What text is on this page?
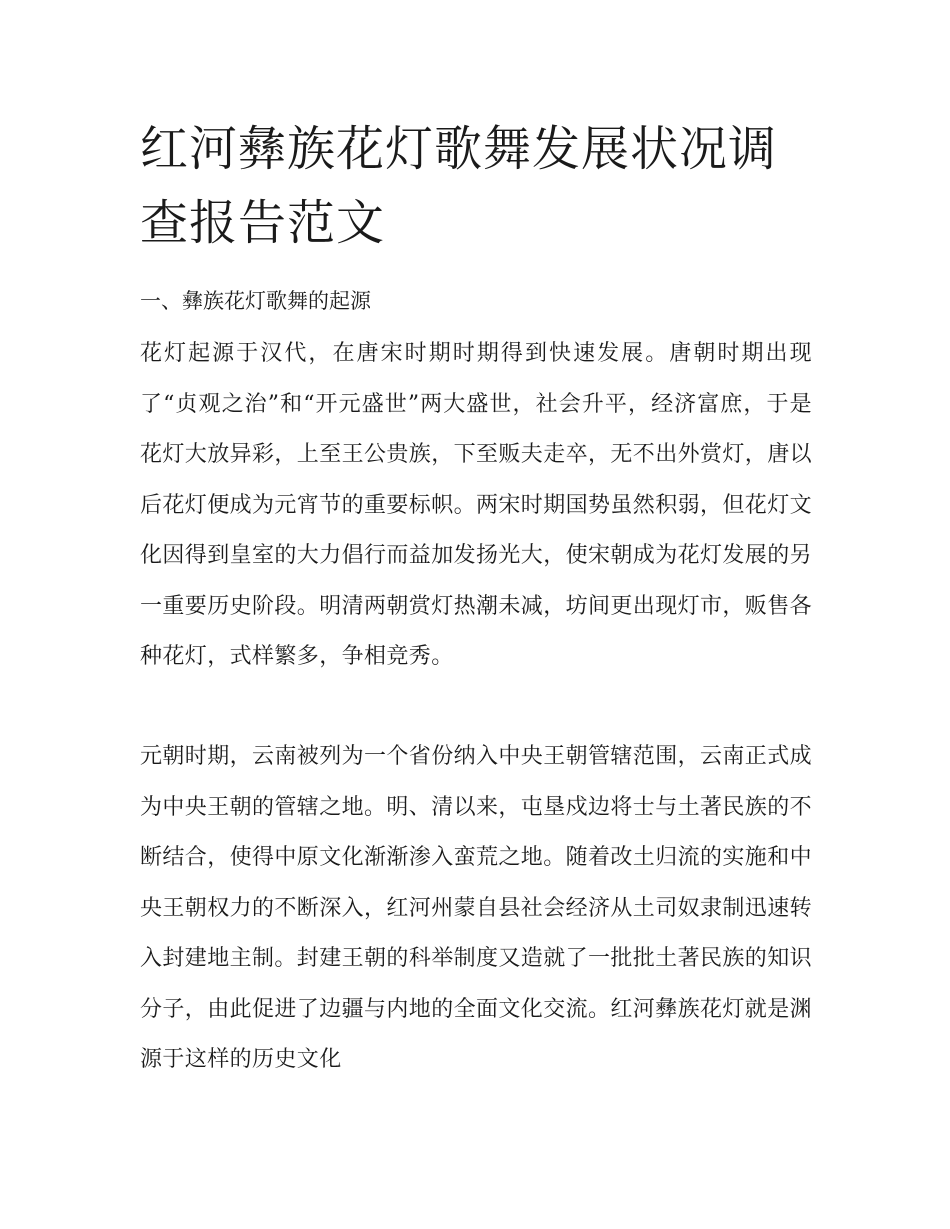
红河彝族花灯歌舞发展状况调查报告范文
一、彝族花灯歌舞的起源

花灯起源于汉代，在唐宋时期时期得到快速发展。唐朝时期出现了“贞观之治”和“开元盛世”两大盛世，社会升平，经济富庶，于是花灯大放异彩，上至王公贵族，下至贩夫走卒，无不出外赏灯，唐以后花灯便成为元宵节的重要标帜。两宋时期国势虽然积弱，但花灯文化因得到皇室的大力倡行而益加发扬光大，使宋朝成为花灯发展的另一重要历史阶段。明清两朝赏灯热潮未减，坊间更出现灯市，贩售各种花灯，式样繁多，争相竞秀。

元朝时期，云南被列为一个省份纳入中央王朝管辖范围，云南正式成为中央王朝的管辖之地。明、清以来，屯垦戍边将士与土著民族的不断结合，使得中原文化渐渐渗入蛮荒之地。随着改土归流的实施和中央王朝权力的不断深入，红河州蒙自县社会经济从土司奴隶制迅速转入封建地主制。封建王朝的科举制度又造就了一批批土著民族的知识分子，由此促进了边疆与内地的全面文化交流。红河彝族花灯就是渊源于这样的历史文化
